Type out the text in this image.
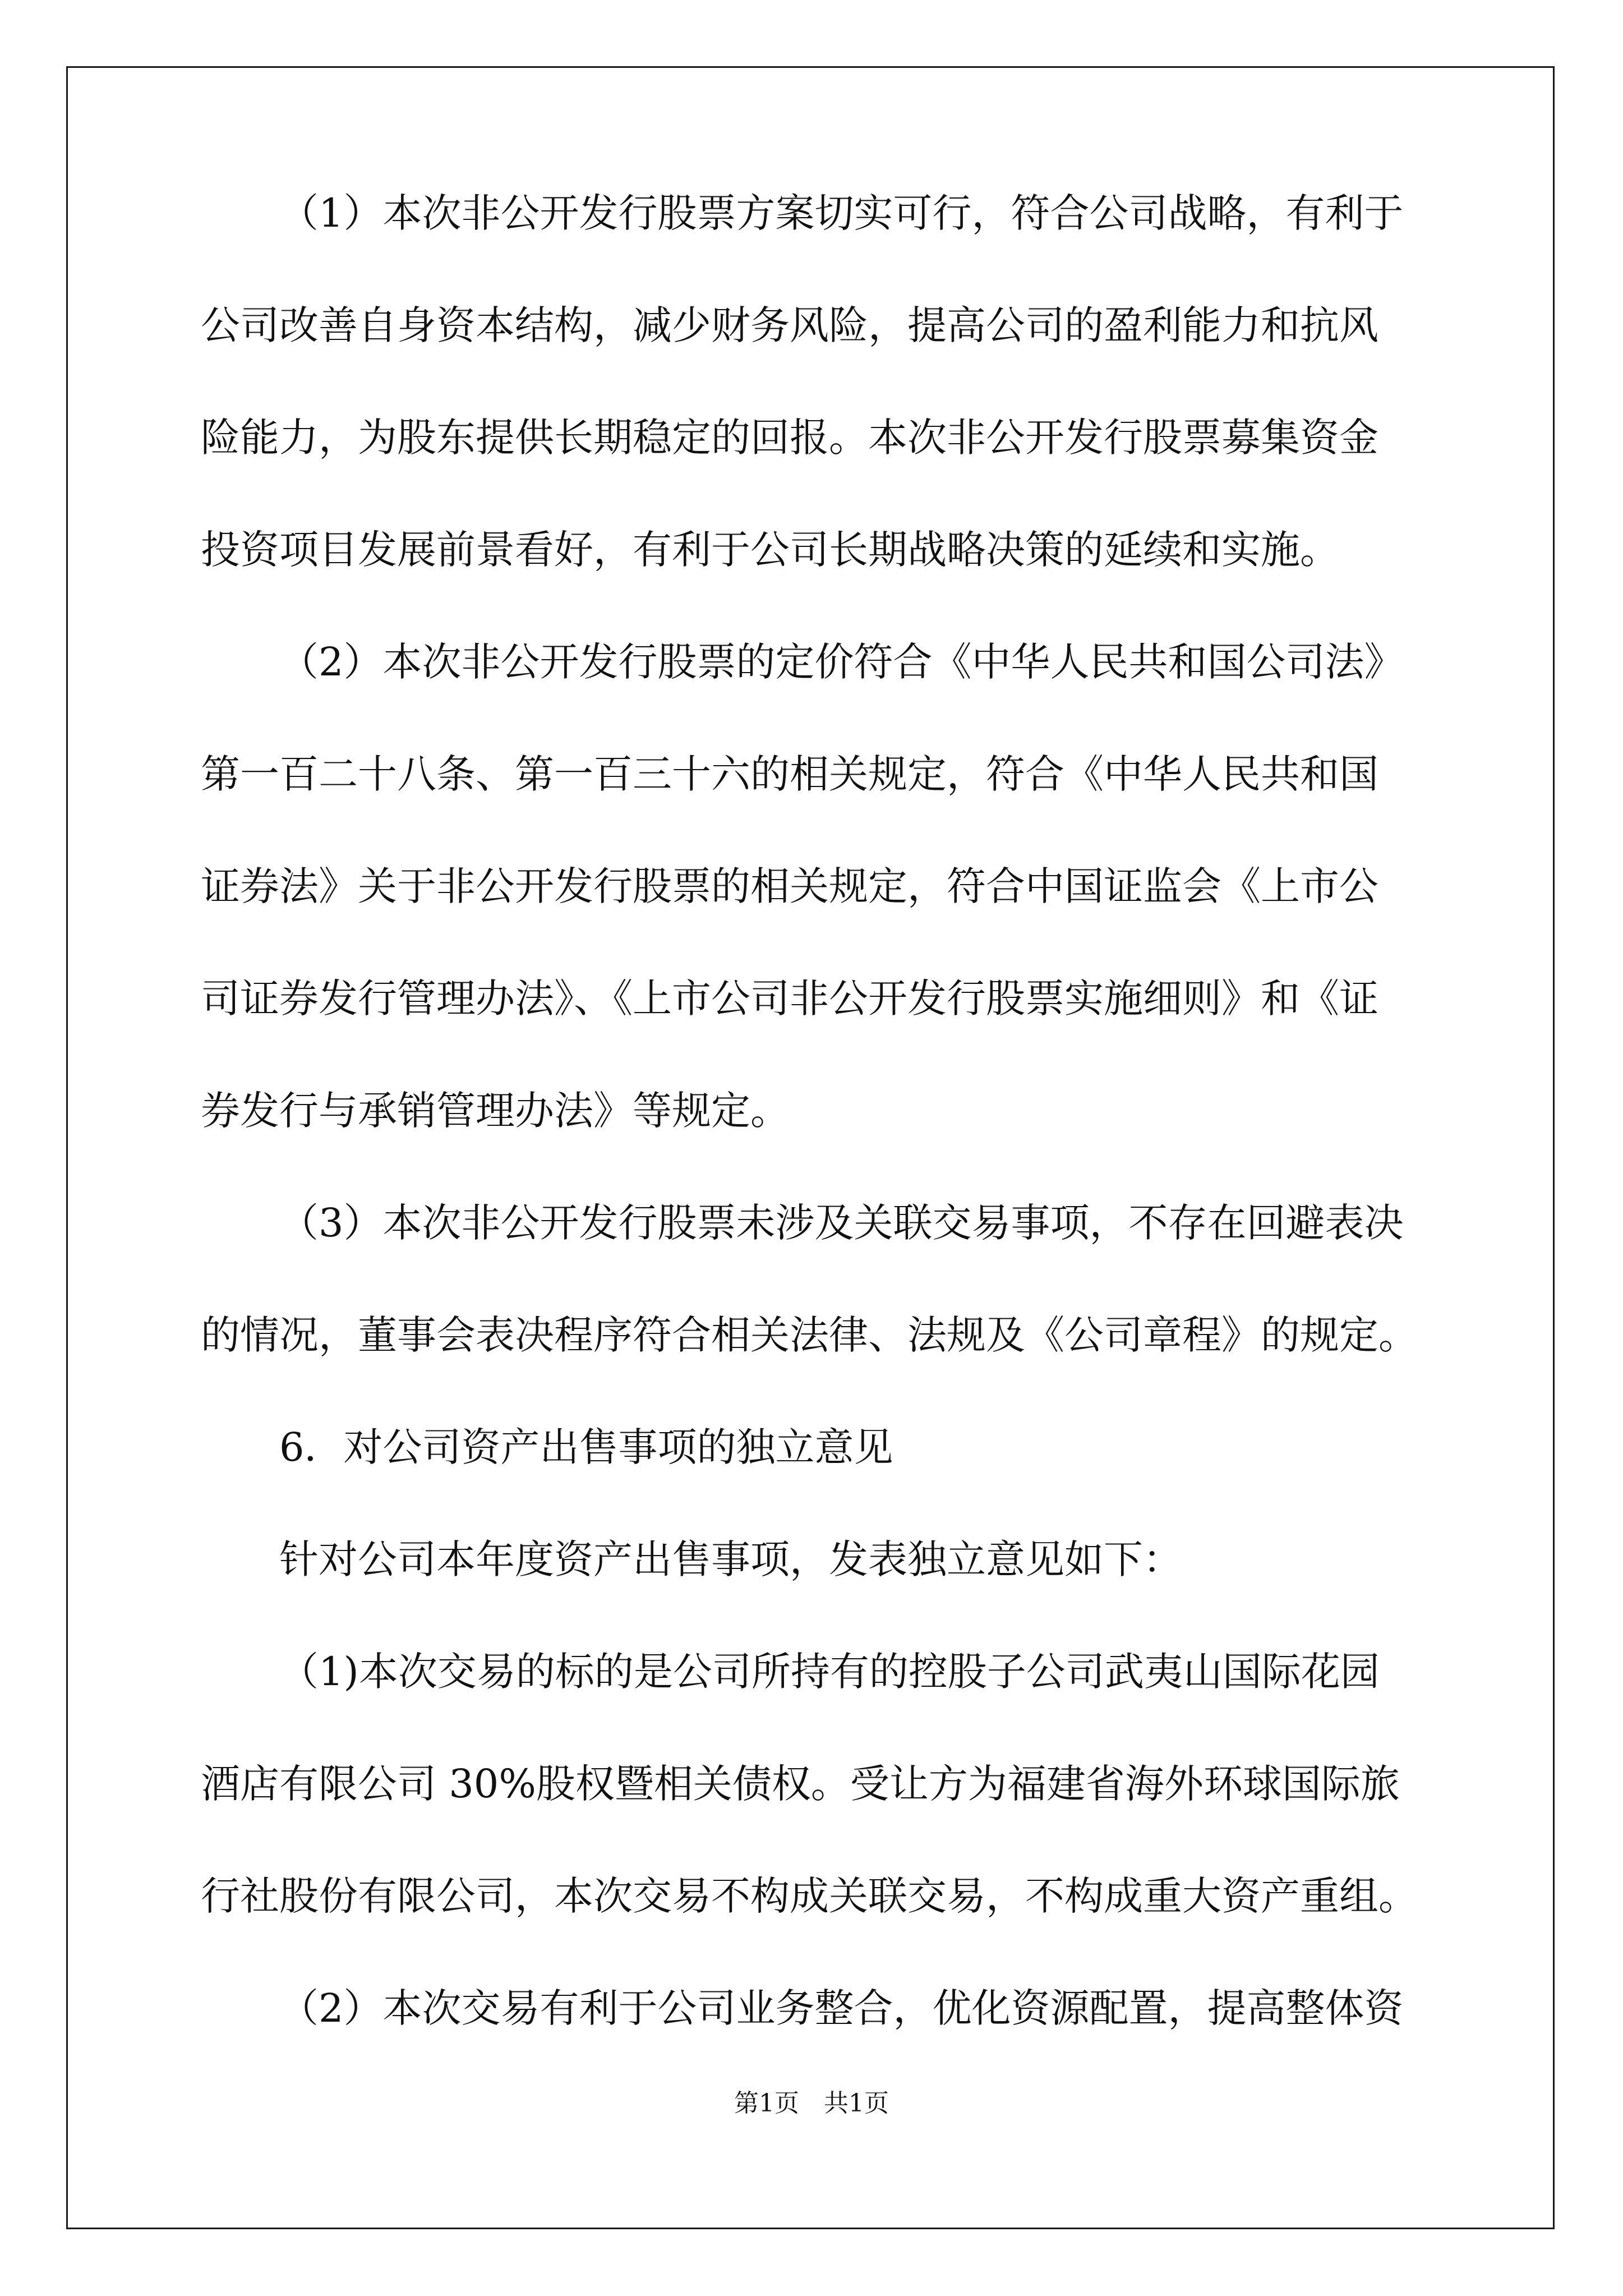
（1）本次非公开发行股票方案切实可行，符合公司战略，有利于
公司改善自身资本结构，减少财务风险，提高公司的盈利能力和抗风
险能力，为股东提供长期稳定的回报。本次非公开发行股票募集资金
投资项目发展前景看好，有利于公司长期战略决策的延续和实施。
（2）本次非公开发行股票的定价符合《中华人民共和国公司法》
第一百二十八条、第一百三十六的相关规定，符合《中华人民共和国
证券法》关于非公开发行股票的相关规定，符合中国证监会《上市公
司证券发行管理办法》、《上市公司非公开发行股票实施细则》和《证
券发行与承销管理办法》等规定。
（3）本次非公开发行股票未涉及关联交易事项，不存在回避表决
的情况，董事会表决程序符合相关法律、法规及《公司章程》的规定。
6．对公司资产出售事项的独立意见
针对公司本年度资产出售事项，发表独立意见如下：
（1)本次交易的标的是公司所持有的控股子公司武夷山国际花园
酒店有限公司 30%股权暨相关债权。受让方为福建省海外环球国际旅
行社股份有限公司，本次交易不构成关联交易，不构成重大资产重组。
（2）本次交易有利于公司业务整合，优化资源配置，提高整体资
第1页　共1页
